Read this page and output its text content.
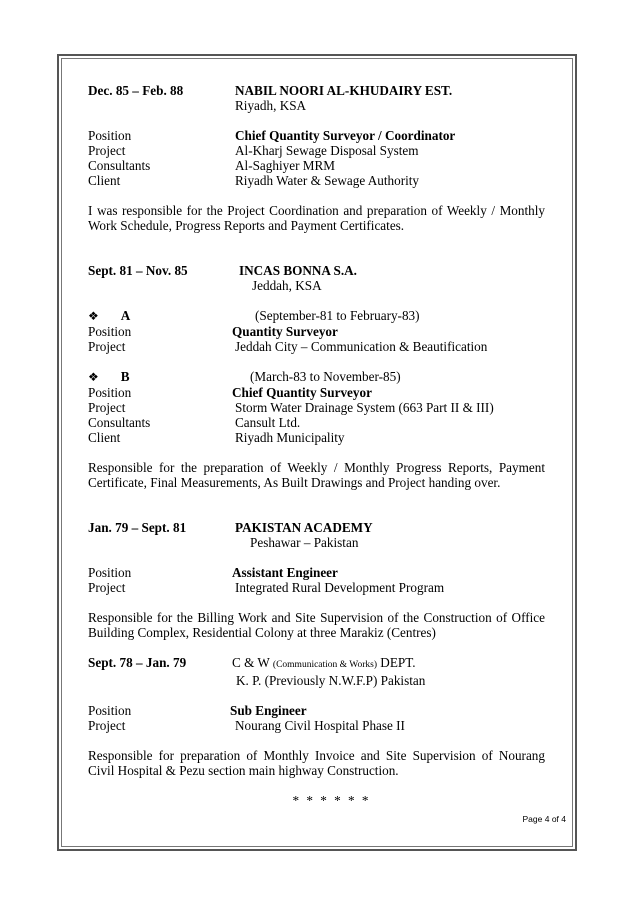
Dec. 85 – Feb. 88	NABIL NOORI AL-KHUDAIRY EST.
Riyadh, KSA
Position	Chief Quantity Surveyor / Coordinator
Project	Al-Kharj Sewage Disposal System
Consultants	Al-Saghiyer MRM
Client	Riyadh Water & Sewage Authority
I was responsible for the Project Coordination and preparation of Weekly / Monthly Work Schedule, Progress Reports and Payment Certificates.
Sept. 81 – Nov. 85	INCAS BONNA S.A.
Jeddah, KSA
❖ A	(September-81 to February-83)
Position	Quantity Surveyor
Project	Jeddah City – Communication & Beautification
❖ B	(March-83 to November-85)
Position	Chief Quantity Surveyor
Project	Storm Water Drainage System (663 Part II & III)
Consultants	Cansult Ltd.
Client	Riyadh Municipality
Responsible for the preparation of Weekly / Monthly Progress Reports, Payment Certificate, Final Measurements, As Built Drawings and Project handing over.
Jan. 79 – Sept. 81	PAKISTAN ACADEMY
Peshawar – Pakistan
Position	Assistant Engineer
Project	Integrated Rural Development Program
Responsible for the Billing Work and Site Supervision of the Construction of Office Building Complex, Residential Colony at three Marakiz (Centres)
Sept. 78 – Jan. 79	C & W (Communication & Works) DEPT.
K. P. (Previously N.W.F.P) Pakistan
Position	Sub Engineer
Project	Nourang Civil Hospital Phase II
Responsible for preparation of Monthly Invoice and Site Supervision of Nourang Civil Hospital & Pezu section main highway Construction.
* * * * * *
Page 4 of 4
